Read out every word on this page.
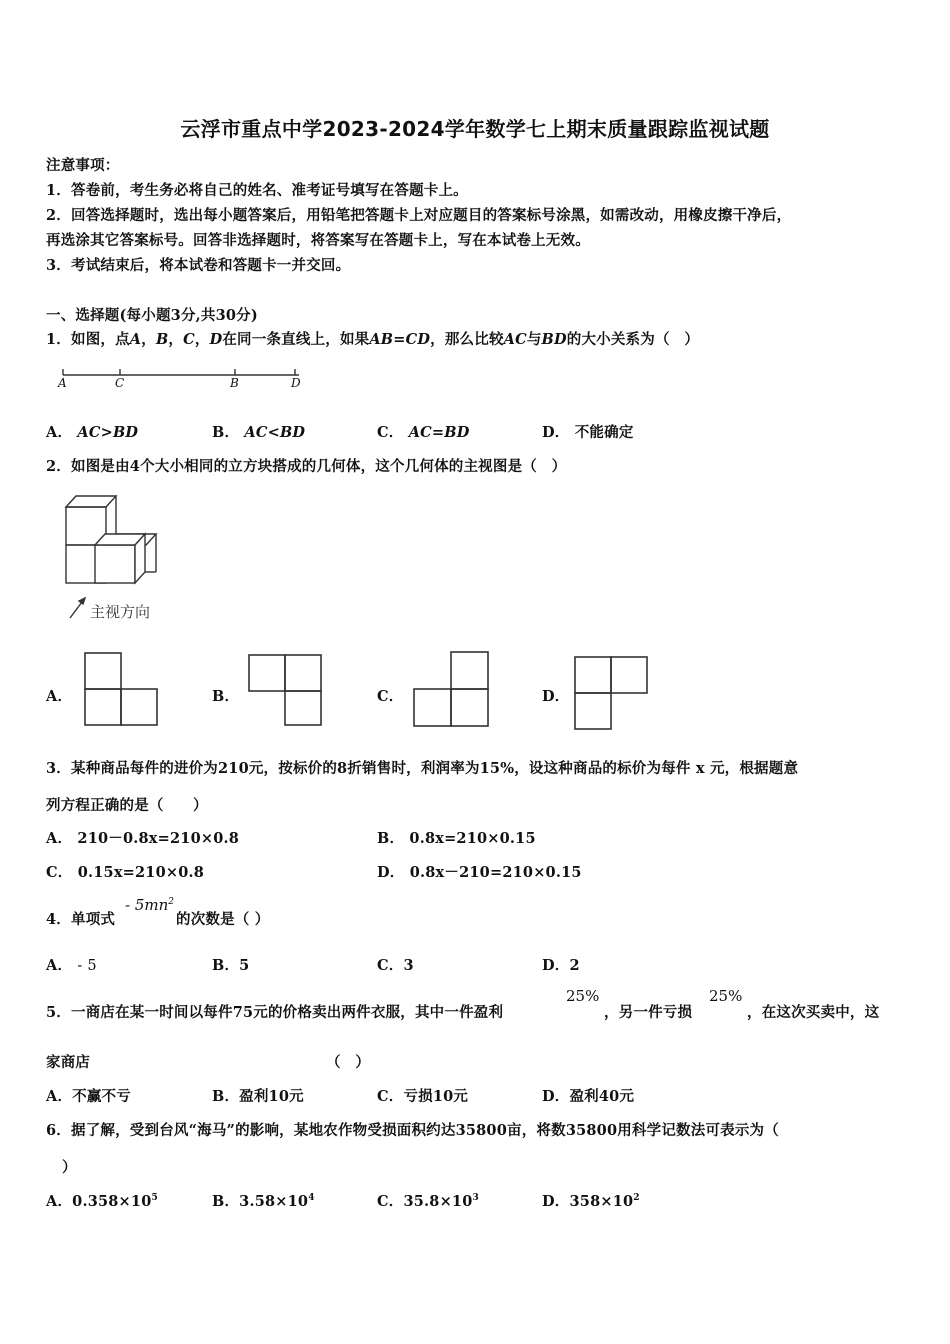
云浮市重点中学2023-2024学年数学七上期末质量跟踪监视试题
注意事项：
1．答卷前，考生务必将自己的姓名、准考证号填写在答题卡上。
2．回答选择题时，选出每小题答案后，用铅笔把答题卡上对应题目的答案标号涂黑，如需改动，用橡皮擦干净后，
再选涂其它答案标号。回答非选择题时，将答案写在答题卡上，写在本试卷上无效。
3．考试结束后，将本试卷和答题卡一并交回。
一、选择题(每小题3分,共30分)
1．如图，点A，B，C，D在同一条直线上，如果AB=CD，那么比较AC与BD的大小关系为（　）
A	C	B	D
A． AC>BD	B． AC<BD	C． AC=BD	D． 不能确定
2．如图是由4个大小相同的立方块搭成的几何体，这个几何体的主视图是（　）
主视方向
A．	B．	C．	D．
3．某种商品每件的进价为210元，按标价的8折销售时，利润率为15%，设这种商品的标价为每件 x 元，根据题意
列方程正确的是（　　）
A． 210－0.8x=210×0.8	B． 0.8x=210×0.15
C． 0.15x=210×0.8	D． 0.8x－210=210×0.15
4．单项式
- $5mn^2$
的次数是（ ）
A． - 5	B．5	C．3	D．2
5．一商店在某一时间以每件75元的价格卖出两件衣服，其中一件盈利
25%
，另一件亏损
25%
，在这次买卖中，这
家商店	（　）
A．不赢不亏	B．盈利10元	C．亏损10元	D．盈利40元
6．据了解，受到台风“海马”的影响，某地农作物受损面积约达35800亩，将数35800用科学记数法可表示为（
）
A．$0.358\times 10^5$	B．$3.58\times 10^4$	C．$35.8\times 10^3$	D．$358\times 10^2$
